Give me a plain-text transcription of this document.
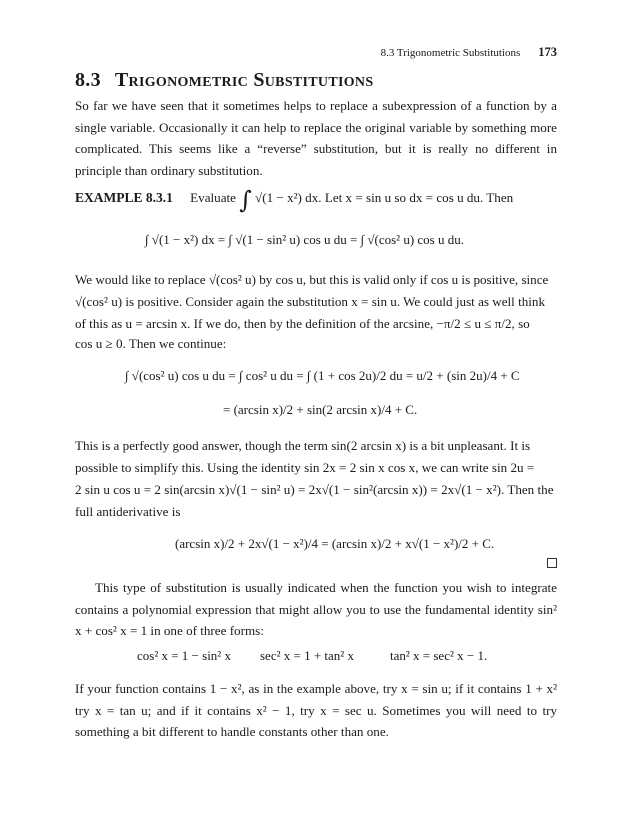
8.3 Trigonometric Substitutions 173
8.3 Trigonometric Substitutions

So far we have seen that it sometimes helps to replace a subexpression of a function by a single variable. Occasionally it can help to replace the original variable by something more complicated. This seems like a “reverse” substitution, but it is really no different in principle than ordinary substitution.

EXAMPLE 8.3.1 Evaluate ∫ √(1 − x²) dx. Let x = sin u so dx = cos u du. Then
∫ √(1 − x²) dx = ∫ √(1 − sin² u) cos u du = ∫ √(cos² u) cos u du.
We would like to replace √(cos² u) by cos u, but this is valid only if cos u is positive, since
√(cos² u) is positive. Consider again the substitution x = sin u. We could just as well think
of this as u = arcsin x. If we do, then by the definition of the arcsine, −π/2 ≤ u ≤ π/2, so
cos u ≥ 0. Then we continue:
∫ √(cos² u) cos u du = ∫ cos² u du = ∫ (1 + cos 2u)/2 du = u/2 + (sin 2u)/4 + C
= (arcsin x)/2 + sin(2 arcsin x)/4 + C.
This is a perfectly good answer, though the term sin(2 arcsin x) is a bit unpleasant. It is
possible to simplify this. Using the identity sin 2x = 2 sin x cos x, we can write sin 2u =
2 sin u cos u = 2 sin(arcsin x)√(1 − sin² u) = 2x√(1 − sin²(arcsin x)) = 2x√(1 − x²). Then the
full antiderivative is
(arcsin x)/2 + 2x√(1 − x²)/4 = (arcsin x)/2 + x√(1 − x²)/2 + C.

This type of substitution is usually indicated when the function you wish to integrate contains a polynomial expression that might allow you to use the fundamental identity sin² x + cos² x = 1 in one of three forms:

cos² x = 1 − sin² x sec² x = 1 + tan² x	tan² x = sec² x − 1.

If your function contains 1 − x², as in the example above, try x = sin u; if it contains 1 + x² try x = tan u; and if it contains x² − 1, try x = sec u. Sometimes you will need to try something a bit different to handle constants other than one.
